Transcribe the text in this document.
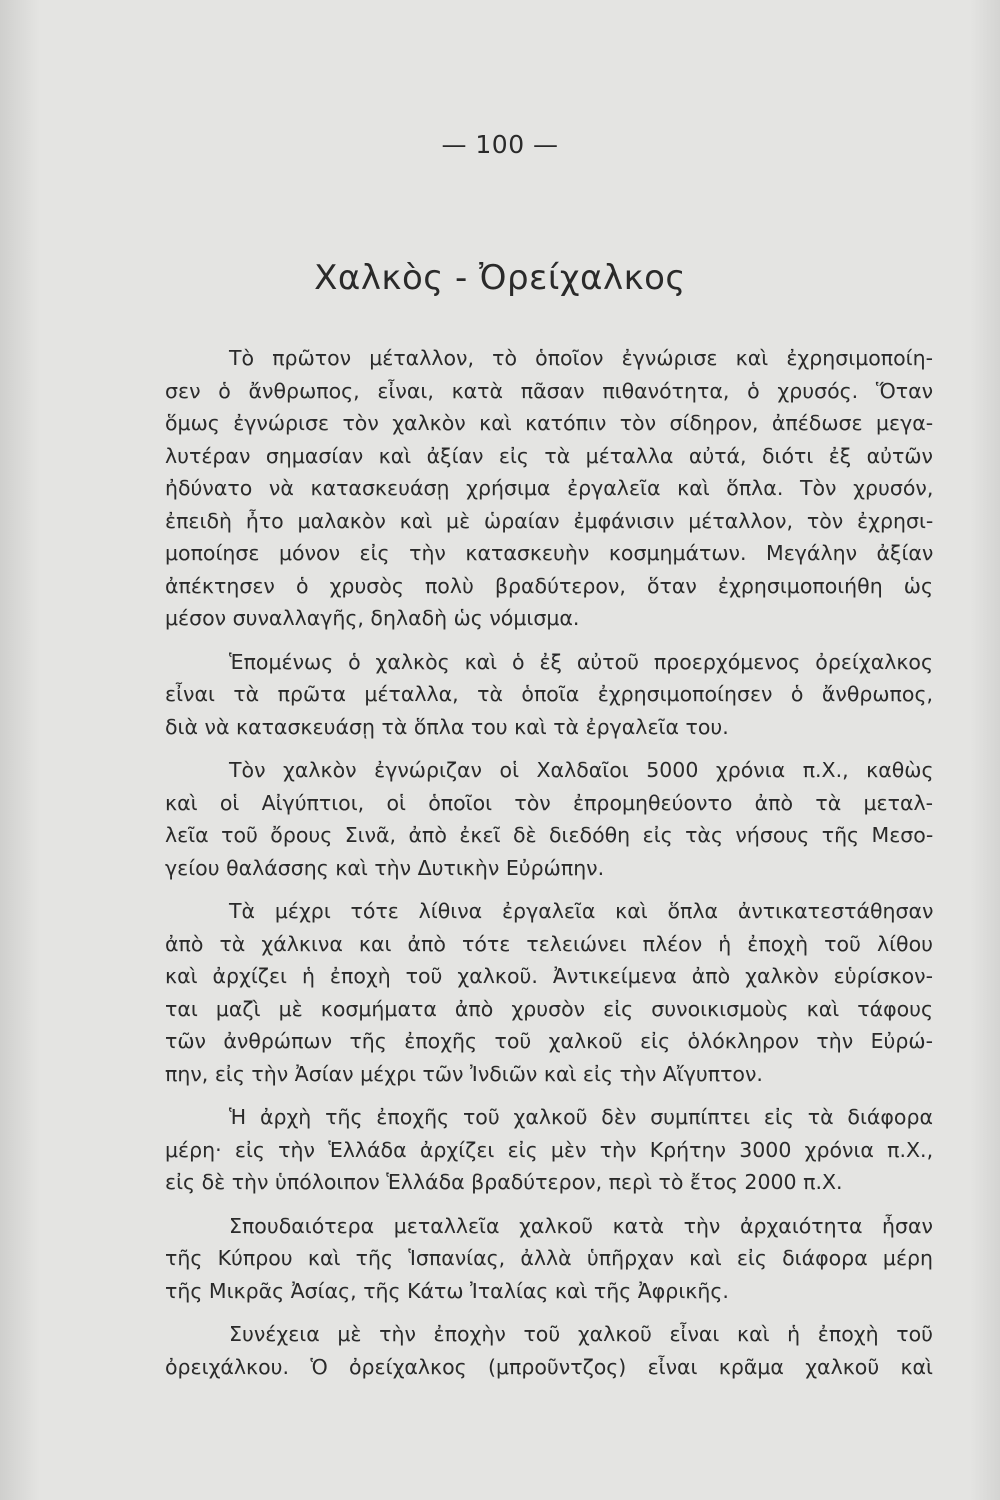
— 100 —
Χαλκὸς - Ὀρείχαλκος
Τὸ πρῶτον μέταλλον, τὸ ὁποῖον ἐγνώρισε καὶ ἐχρησιμοποίη-
σεν ὁ ἄνθρωπος, εἶναι, κατὰ πᾶσαν πιθανότητα, ὁ χρυσός. Ὅταν
ὅμως ἐγνώρισε τὸν χαλκὸν καὶ κατόπιν τὸν σίδηρον, ἀπέδωσε μεγα-
λυτέραν σημασίαν καὶ ἀξίαν εἰς τὰ μέταλλα αὐτά, διότι ἐξ αὐτῶν
ἠδύνατο νὰ κατασκευάσῃ χρήσιμα ἐργαλεῖα καὶ ὅπλα. Τὸν χρυσόν,
ἐπειδὴ ἦτο μαλακὸν καὶ μὲ ὡραίαν ἐμφάνισιν μέταλλον, τὸν ἐχρησι-
μοποίησε μόνον εἰς τὴν κατασκευὴν κοσμημάτων. Μεγάλην ἀξίαν
ἀπέκτησεν ὁ χρυσὸς πολὺ βραδύτερον, ὅταν ἐχρησιμοποιήθη ὡς
μέσον συναλλαγῆς, δηλαδὴ ὡς νόμισμα.
Ἑπομένως ὁ χαλκὸς καὶ ὁ ἐξ αὐτοῦ προερχόμενος ὀρείχαλκος
εἶναι τὰ πρῶτα μέταλλα, τὰ ὁποῖα ἐχρησιμοποίησεν ὁ ἄνθρωπος,
διὰ νὰ κατασκευάσῃ τὰ ὅπλα του καὶ τὰ ἐργαλεῖα του.
Τὸν χαλκὸν ἐγνώριζαν οἱ Χαλδαῖοι 5000 χρόνια π.Χ., καθὼς
καὶ οἱ Αἰγύπτιοι, οἱ ὁποῖοι τὸν ἐπρομηθεύοντο ἀπὸ τὰ μεταλ-
λεῖα τοῦ ὄρους Σινᾶ, ἀπὸ ἐκεῖ δὲ διεδόθη εἰς τὰς νήσους τῆς Μεσο-
γείου θαλάσσης καὶ τὴν Δυτικὴν Εὐρώπην.
Τὰ μέχρι τότε λίθινα ἐργαλεῖα καὶ ὅπλα ἀντικατεστάθησαν
ἀπὸ τὰ χάλκινα και ἀπὸ τότε τελειώνει πλέον ἡ ἐποχὴ τοῦ λίθου
καὶ ἀρχίζει ἡ ἐποχὴ τοῦ χαλκοῦ. Ἀντικείμενα ἀπὸ χαλκὸν εὑρίσκον-
ται μαζὶ μὲ κοσμήματα ἀπὸ χρυσὸν εἰς συνοικισμοὺς καὶ τάφους
τῶν ἀνθρώπων τῆς ἐποχῆς τοῦ χαλκοῦ εἰς ὁλόκληρον τὴν Εὐρώ-
πην, εἰς τὴν Ἀσίαν μέχρι τῶν Ἰνδιῶν καὶ εἰς τὴν Αἴγυπτον.
Ἡ ἀρχὴ τῆς ἐποχῆς τοῦ χαλκοῦ δὲν συμπίπτει εἰς τὰ διάφορα
μέρη· εἰς τὴν Ἑλλάδα ἀρχίζει εἰς μὲν τὴν Κρήτην 3000 χρόνια π.Χ.,
εἰς δὲ τὴν ὑπόλοιπον Ἑλλάδα βραδύτερον, περὶ τὸ ἔτος 2000 π.Χ.
Σπουδαιότερα μεταλλεῖα χαλκοῦ κατὰ τὴν ἀρχαιότητα ἦσαν
τῆς Κύπρου καὶ τῆς Ἱσπανίας, ἀλλὰ ὑπῆρχαν καὶ εἰς διάφορα μέρη
τῆς Μικρᾶς Ἀσίας, τῆς Κάτω Ἰταλίας καὶ τῆς Ἀφρικῆς.
Συνέχεια μὲ τὴν ἐποχὴν τοῦ χαλκοῦ εἶναι καὶ ἡ ἐποχὴ τοῦ
ὀρειχάλκου. Ὁ ὀρείχαλκος (μπροῦντζος) εἶναι κρᾶμα χαλκοῦ καὶ
